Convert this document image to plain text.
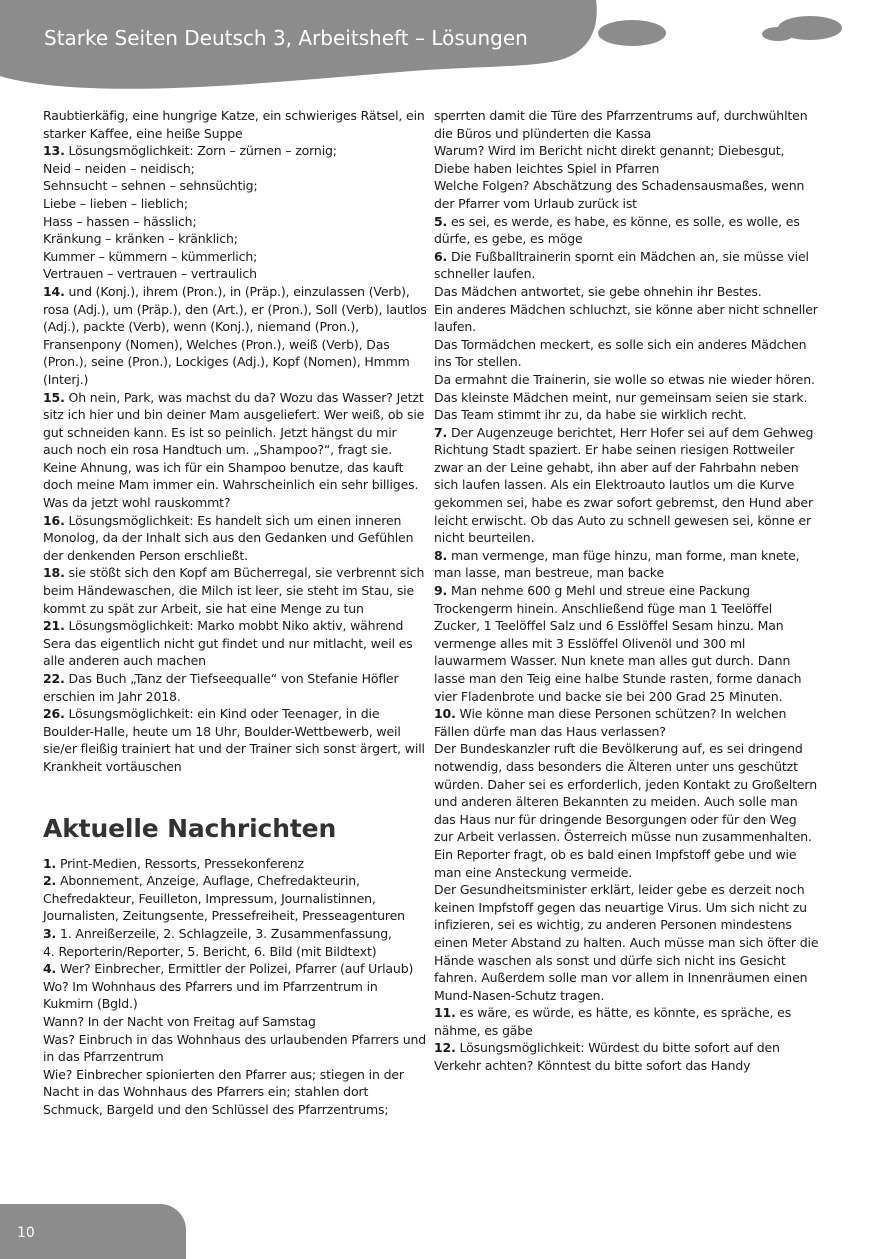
Starke Seiten Deutsch 3, Arbeitsheft – Lösungen

Raubtierkäfig, eine hungrige Katze, ein schwieriges Rätsel, ein starker Kaffee, eine heiße Suppe

13. Lösungsmöglichkeit: Zorn – zürnen – zornig;

Neid – neiden – neidisch;

Sehnsucht – sehnen – sehnsüchtig;

Liebe – lieben – lieblich;

Hass – hassen – hässlich;

Kränkung – kränken – kränklich;

Kummer – kümmern – kümmerlich;

Vertrauen – vertrauen – vertraulich

14. und (Konj.), ihrem (Pron.), in (Präp.), einzulassen (Verb), rosa (Adj.), um (Präp.), den (Art.), er (Pron.), Soll (Verb), lautlos (Adj.), packte (Verb), wenn (Konj.), niemand (Pron.), Fransenpony (Nomen), Welches (Pron.), weiß (Verb), Das (Pron.), seine (Pron.), Lockiges (Adj.), Kopf (Nomen), Hmmm (Interj.)

15. Oh nein, Park, was machst du da? Wozu das Wasser? Jetzt sitz ich hier und bin deiner Mam ausgeliefert. Wer weiß, ob sie gut schneiden kann. Es ist so peinlich. Jetzt hängst du mir auch noch ein rosa Handtuch um. „Shampoo?“, fragt sie. Keine Ahnung, was ich für ein Shampoo benutze, das kauft doch meine Mam immer ein. Wahrscheinlich ein sehr billiges. Was da jetzt wohl rauskommt?

16. Lösungsmöglichkeit: Es handelt sich um einen inneren Monolog, da der Inhalt sich aus den Gedanken und Gefühlen der denkenden Person erschließt.

18. sie stößt sich den Kopf am Bücherregal, sie verbrennt sich beim Händewaschen, die Milch ist leer, sie steht im Stau, sie kommt zu spät zur Arbeit, sie hat eine Menge zu tun

21. Lösungsmöglichkeit: Marko mobbt Niko aktiv, während Sera das eigentlich nicht gut findet und nur mitlacht, weil es alle anderen auch machen

22. Das Buch „Tanz der Tiefseequalle“ von Stefanie Höfler erschien im Jahr 2018.

26. Lösungsmöglichkeit: ein Kind oder Teenager, in die Boulder-Halle, heute um 18 Uhr, Boulder-Wettbewerb, weil sie/er fleißig trainiert hat und der Trainer sich sonst ärgert, will Krankheit vortäuschen

Aktuelle Nachrichten

1. Print-Medien, Ressorts, Pressekonferenz

2. Abonnement, Anzeige, Auflage, Chefredakteurin, Chefredakteur, Feuilleton, Impressum, Journalistinnen, Journalisten, Zeitungsente, Pressefreiheit, Presseagenturen

3. 1. Anreißerzeile, 2. Schlagzeile, 3. Zusammenfassung,

4. Reporterin/Reporter, 5. Bericht, 6. Bild (mit Bildtext)

4. Wer? Einbrecher, Ermittler der Polizei, Pfarrer (auf Urlaub)

Wo? Im Wohnhaus des Pfarrers und im Pfarrzentrum in Kukmirn (Bgld.)

Wann? In der Nacht von Freitag auf Samstag

Was? Einbruch in das Wohnhaus des urlaubenden Pfarrers und in das Pfarrzentrum

Wie? Einbrecher spionierten den Pfarrer aus; stiegen in der Nacht in das Wohnhaus des Pfarrers ein; stahlen dort Schmuck, Bargeld und den Schlüssel des Pfarrzentrums;

sperrten damit die Türe des Pfarrzentrums auf, durchwühlten die Büros und plünderten die Kassa

Warum? Wird im Bericht nicht direkt genannt; Diebesgut, Diebe haben leichtes Spiel in Pfarren

Welche Folgen? Abschätzung des Schadensausmaßes, wenn der Pfarrer vom Urlaub zurück ist

5. es sei, es werde, es habe, es könne, es solle, es wolle, es dürfe, es gebe, es möge

6. Die Fußballtrainerin spornt ein Mädchen an, sie müsse viel schneller laufen.

Das Mädchen antwortet, sie gebe ohnehin ihr Bestes.

Ein anderes Mädchen schluchzt, sie könne aber nicht schneller laufen.

Das Tormädchen meckert, es solle sich ein anderes Mädchen ins Tor stellen.

Da ermahnt die Trainerin, sie wolle so etwas nie wieder hören.

Das kleinste Mädchen meint, nur gemeinsam seien sie stark.

Das Team stimmt ihr zu, da habe sie wirklich recht.

7. Der Augenzeuge berichtet, Herr Hofer sei auf dem Gehweg Richtung Stadt spaziert. Er habe seinen riesigen Rottweiler zwar an der Leine gehabt, ihn aber auf der Fahrbahn neben sich laufen lassen. Als ein Elektroauto lautlos um die Kurve gekommen sei, habe es zwar sofort gebremst, den Hund aber leicht erwischt. Ob das Auto zu schnell gewesen sei, könne er nicht beurteilen.

8. man vermenge, man füge hinzu, man forme, man knete, man lasse, man bestreue, man backe

9. Man nehme 600 g Mehl und streue eine Packung Trockengerm hinein. Anschließend füge man 1 Teelöffel Zucker, 1 Teelöffel Salz und 6 Esslöffel Sesam hinzu. Man vermenge alles mit 3 Esslöffel Olivenöl und 300 ml lauwarmem Wasser. Nun knete man alles gut durch. Dann lasse man den Teig eine halbe Stunde rasten, forme danach vier Fladenbrote und backe sie bei 200 Grad 25 Minuten.

10. Wie könne man diese Personen schützen? In welchen Fällen dürfe man das Haus verlassen?

Der Bundeskanzler ruft die Bevölkerung auf, es sei dringend notwendig, dass besonders die Älteren unter uns geschützt würden. Daher sei es erforderlich, jeden Kontakt zu Großeltern und anderen älteren Bekannten zu meiden. Auch solle man das Haus nur für dringende Besorgungen oder für den Weg zur Arbeit verlassen. Österreich müsse nun zusammenhalten.

Ein Reporter fragt, ob es bald einen Impfstoff gebe und wie man eine Ansteckung vermeide.

Der Gesundheitsminister erklärt, leider gebe es derzeit noch keinen Impfstoff gegen das neuartige Virus. Um sich nicht zu infizieren, sei es wichtig, zu anderen Personen mindestens einen Meter Abstand zu halten. Auch müsse man sich öfter die Hände waschen als sonst und dürfe sich nicht ins Gesicht fahren. Außerdem solle man vor allem in Innenräumen einen Mund-Nasen-Schutz tragen.

11. es wäre, es würde, es hätte, es könnte, es spräche, es nähme, es gäbe

12. Lösungsmöglichkeit: Würdest du bitte sofort auf den Verkehr achten? Könntest du bitte sofort das Handy

10
